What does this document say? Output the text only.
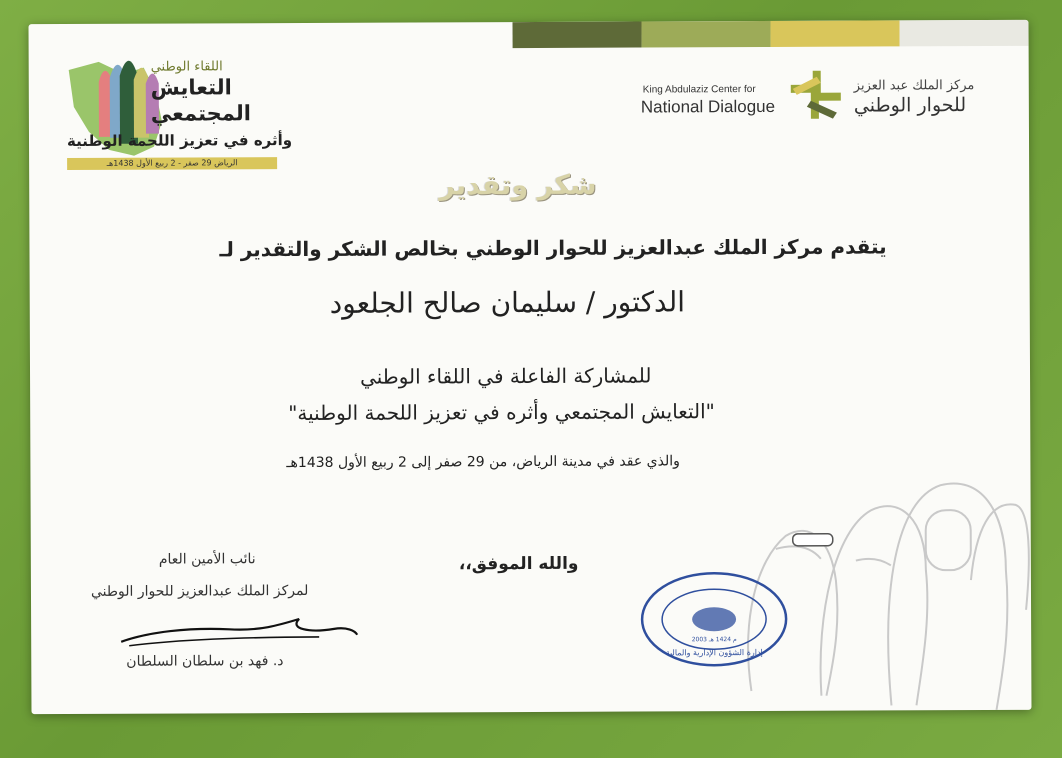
اللقاء الوطني
التعايش
المجتمعي
وأثره في تعزيز اللحمة الوطنية
الرياض 29 صفر - 2 ربيع الأول 1438هـ
King Abdulaziz Center for
National Dialogue
مركز الملك عبد العزيز
للحوار الوطني
شكر وتقدير
يتقدم مركز الملك عبدالعزيز للحوار الوطني بخالص الشكر والتقدير لـ
الدكتور / سليمان صالح الجلعود
للمشاركة الفاعلة في اللقاء الوطني
"التعايش المجتمعي وأثره في تعزيز اللحمة الوطنية"
والذي عقد في مدينة الرياض، من 29 صفر إلى 2 ربيع الأول 1438هـ
والله الموفق،،
نائب الأمين العام
لمركز الملك عبدالعزيز للحوار الوطني
د. فهد بن سلطان السلطان
إدارة الشؤون الإدارية والمالية
2003 م 1424 هـ
